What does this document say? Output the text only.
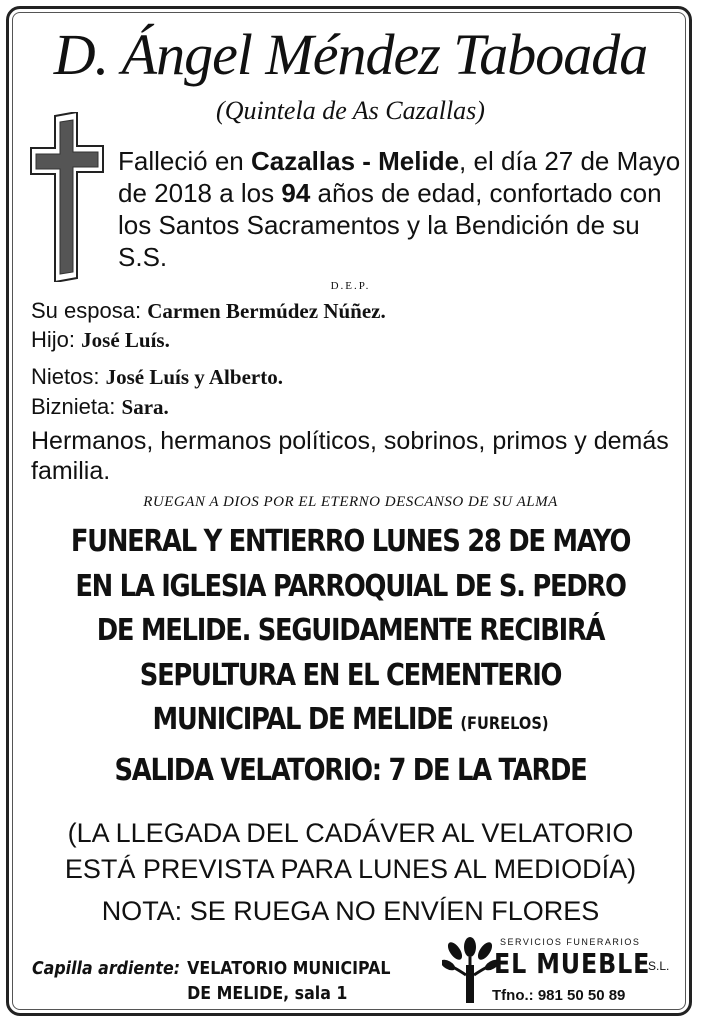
D. Ángel Méndez Taboada
(Quintela de As Cazallas)
Falleció en Cazallas - Melide, el día 27 de Mayo de 2018 a los 94 años de edad, confortado con los Santos Sacramentos y la Bendición de su S.S.
D.E.P.
Su esposa: Carmen Bermúdez Núñez.
Hijo: José Luís.
Nietos: José Luís y Alberto.
Biznieta: Sara.
Hermanos, hermanos políticos, sobrinos, primos y demás familia.
RUEGAN A DIOS POR EL ETERNO DESCANSO DE SU ALMA
FUNERAL Y ENTIERRO LUNES 28 DE MAYO
EN LA IGLESIA PARROQUIAL DE S. PEDRO
DE MELIDE. SEGUIDAMENTE RECIBIRÁ
SEPULTURA EN EL CEMENTERIO
MUNICIPAL DE MELIDE (FURELOS)
SALIDA VELATORIO: 7 DE LA TARDE
(LA LLEGADA DEL CADÁVER AL VELATORIO
ESTÁ PREVISTA PARA LUNES AL MEDIODÍA)
NOTA: SE RUEGA NO ENVÍEN FLORES
Capilla ardiente: VELATORIO MUNICIPAL
DE MELIDE, sala 1
SERVICIOS FUNERARIOS
EL MUEBLE
S.L.
Tfno.: 981 50 50 89
